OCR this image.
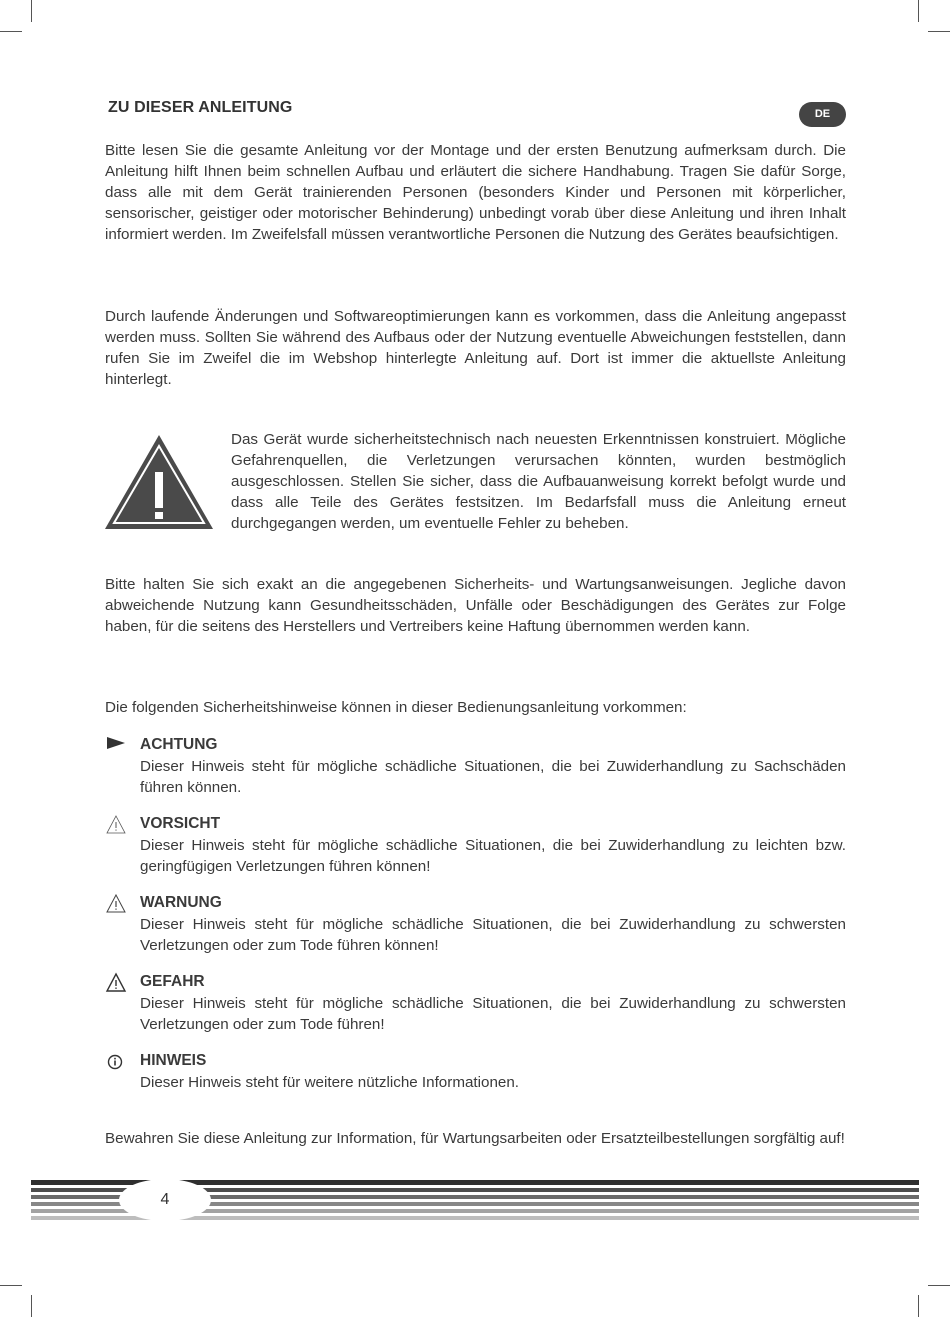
ZU DIESER ANLEITUNG	DE

Bitte lesen Sie die gesamte Anleitung vor der Montage und der ersten Benutzung aufmerksam durch. Die Anleitung hilft Ihnen beim schnellen Aufbau und erläutert die sichere Handhabung. Tragen Sie dafür Sorge, dass alle mit dem Gerät trainierenden Personen (besonders Kinder und Personen mit körperlicher, sensorischer, geistiger oder motorischer Behinderung) unbedingt vorab über diese Anleitung und ihren Inhalt informiert werden. Im Zweifelsfall müssen verantwortliche Personen die Nutzung des Gerätes beaufsichtigen.

Durch laufende Änderungen und Softwareoptimierungen kann es vorkommen, dass die Anleitung angepasst werden muss. Sollten Sie während des Aufbaus oder der Nutzung eventuelle Abweichungen feststellen, dann rufen Sie im Zweifel die im Webshop hinterlegte Anleitung auf. Dort ist immer die aktuellste Anleitung hinterlegt.

Das Gerät wurde sicherheitstechnisch nach neuesten Erkenntnissen konstruiert. Mögliche Gefahrenquellen, die Verletzungen verursachen könnten, wurden bestmöglich ausgeschlossen. Stellen Sie sicher, dass die Aufbauanweisung korrekt befolgt wurde und dass alle Teile des Gerätes festsitzen. Im Bedarfsfall muss die Anleitung erneut durchgegangen werden, um eventuelle Fehler zu beheben.

Bitte halten Sie sich exakt an die angegebenen Sicherheits- und Wartungsanweisungen. Jegliche davon abweichende Nutzung kann Gesundheitsschäden, Unfälle oder Beschädigungen des Gerätes zur Folge haben, für die seitens des Herstellers und Vertreibers keine Haftung übernommen werden kann.

Die folgenden Sicherheitshinweise können in dieser Bedienungsanleitung vorkommen:

ACHTUNG

Dieser Hinweis steht für mögliche schädliche Situationen, die bei Zuwiderhandlung zu Sachschäden führen können.

VORSICHT

Dieser Hinweis steht für mögliche schädliche Situationen, die bei Zuwiderhandlung zu leichten bzw. geringfügigen Verletzungen führen können!

WARNUNG

Dieser Hinweis steht für mögliche schädliche Situationen, die bei Zuwiderhandlung zu schwersten Verletzungen oder zum Tode führen können!

GEFAHR

Dieser Hinweis steht für mögliche schädliche Situationen, die bei Zuwiderhandlung zu schwersten Verletzungen oder zum Tode führen!

HINWEIS

Dieser Hinweis steht für weitere nützliche Informationen.

Bewahren Sie diese Anleitung zur Information, für Wartungsarbeiten oder Ersatzteilbestellungen sorgfältig auf!

4
